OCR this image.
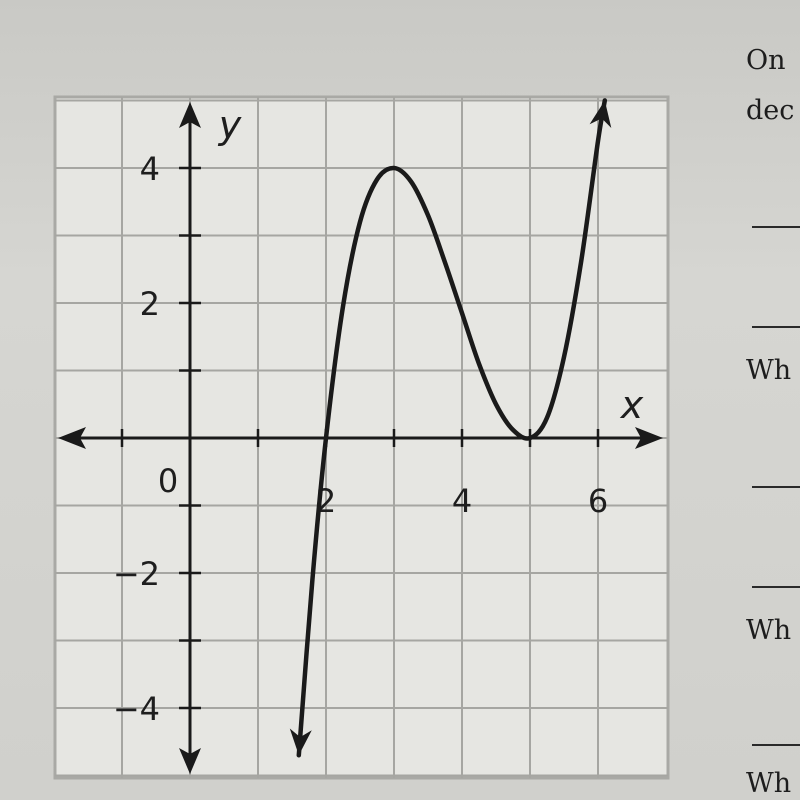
2	4	6
4
2
−2
−4
0
x
y
On
dec
Wh
Wh
Wh
